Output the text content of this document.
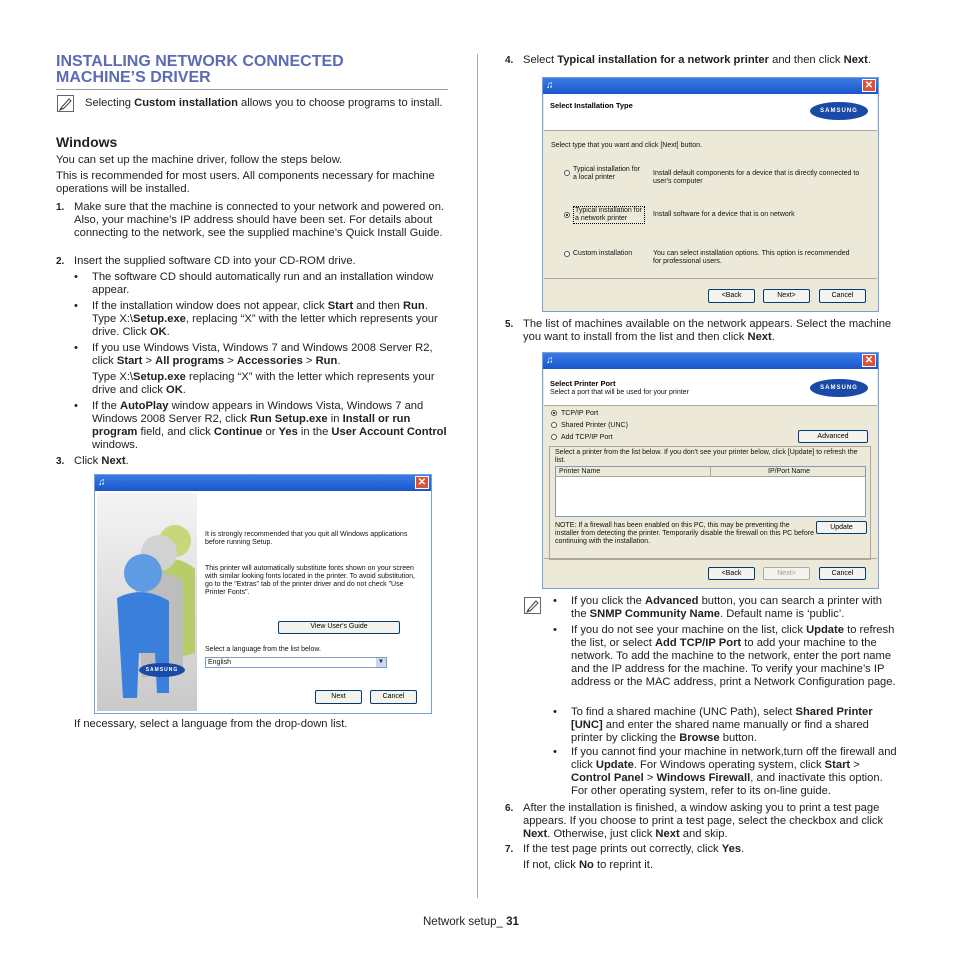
INSTALLING NETWORK CONNECTED
MACHINE’S DRIVER
Selecting Custom installation allows you to choose programs to install.
Windows
You can set up the machine driver, follow the steps below.
This is recommended for most users. All components necessary for machine operations will be installed.
1. Make sure that the machine is connected to your network and powered on. Also, your machine’s IP address should have been set. For details about connecting to the network, see the supplied machine’s Quick Install Guide.
2. Insert the supplied software CD into your CD-ROM drive.
• The software CD should automatically run and an installation window appear.
• If the installation window does not appear, click Start and then Run. Type X:\Setup.exe, replacing “X” with the letter which represents your drive. Click OK.
• If you use Windows Vista, Windows 7 and Windows 2008 Server R2, click Start > All programs > Accessories > Run.
Type X:\Setup.exe replacing “X” with the letter which represents your drive and click OK.
• If the AutoPlay window appears in Windows Vista, Windows 7 and Windows 2008 Server R2, click Run Setup.exe in Install or run program field, and click Continue or Yes in the User Account Control windows.
3. Click Next.
♫	✕
SAMSUNG
It is strongly recommended that you quit all Windows applications before running Setup.
This printer will automatically substitute fonts shown on your screen with similar looking fonts located in the printer. To avoid substitution, go to the "Extras" tab of the printer driver and do not check "Use Printer Fonts".
View User's Guide
Select a language from the list below.
English	▼
Next	Cancel
If necessary, select a language from the drop-down list.
4. Select Typical installation for a network printer and then click Next.
♫	✕
Select Installation Type
SAMSUNG
Select type that you want and click [Next] button.
Typical installation for a local printer
Install default components for a device that is directly connected to user's computer
Typical installation for a network printer
Install software for a device that is on network
Custom installation	You can select installation options. This option is recommended for professional users.
<Back	Next>	Cancel
5. The list of machines available on the network appears. Select the machine you want to install from the list and then click Next.
♫	✕
Select Printer Port
Select a port that will be used for your printer
SAMSUNG
TCP/IP Port
Shared Printer (UNC)
Add TCP/IP Port	Advanced
Select a printer from the list below. If you don't see your printer below, click [Update] to refresh the list.
Printer Name	IP/Port Name
NOTE: If a firewall has been enabled on this PC, this may be preventing the installer from detecting the printer. Temporarily disable the firewall on this PC before continuing with the installation.
Update
<Back	Next>	Cancel
• If you click the Advanced button, you can search a printer with the SNMP Community Name. Default name is ‘public’.
• If you do not see your machine on the list, click Update to refresh the list, or select Add TCP/IP Port to add your machine to the network. To add the machine to the network, enter the port name and the IP address for the machine. To verify your machine’s IP address or the MAC address, print a Network Configuration page.
• To find a shared machine (UNC Path), select Shared Printer [UNC] and enter the shared name manually or find a shared printer by clicking the Browse button.
• If you cannot find your machine in network,turn off the firewall and click Update. For Windows operating system, click Start > Control Panel > Windows Firewall, and inactivate this option. For other operating system, refer to its on-line guide.
6. After the installation is finished, a window asking you to print a test page appears. If you choose to print a test page, select the checkbox and click Next. Otherwise, just click Next and skip.
7. If the test page prints out correctly, click Yes.
If not, click No to reprint it.
Network setup_ 31
